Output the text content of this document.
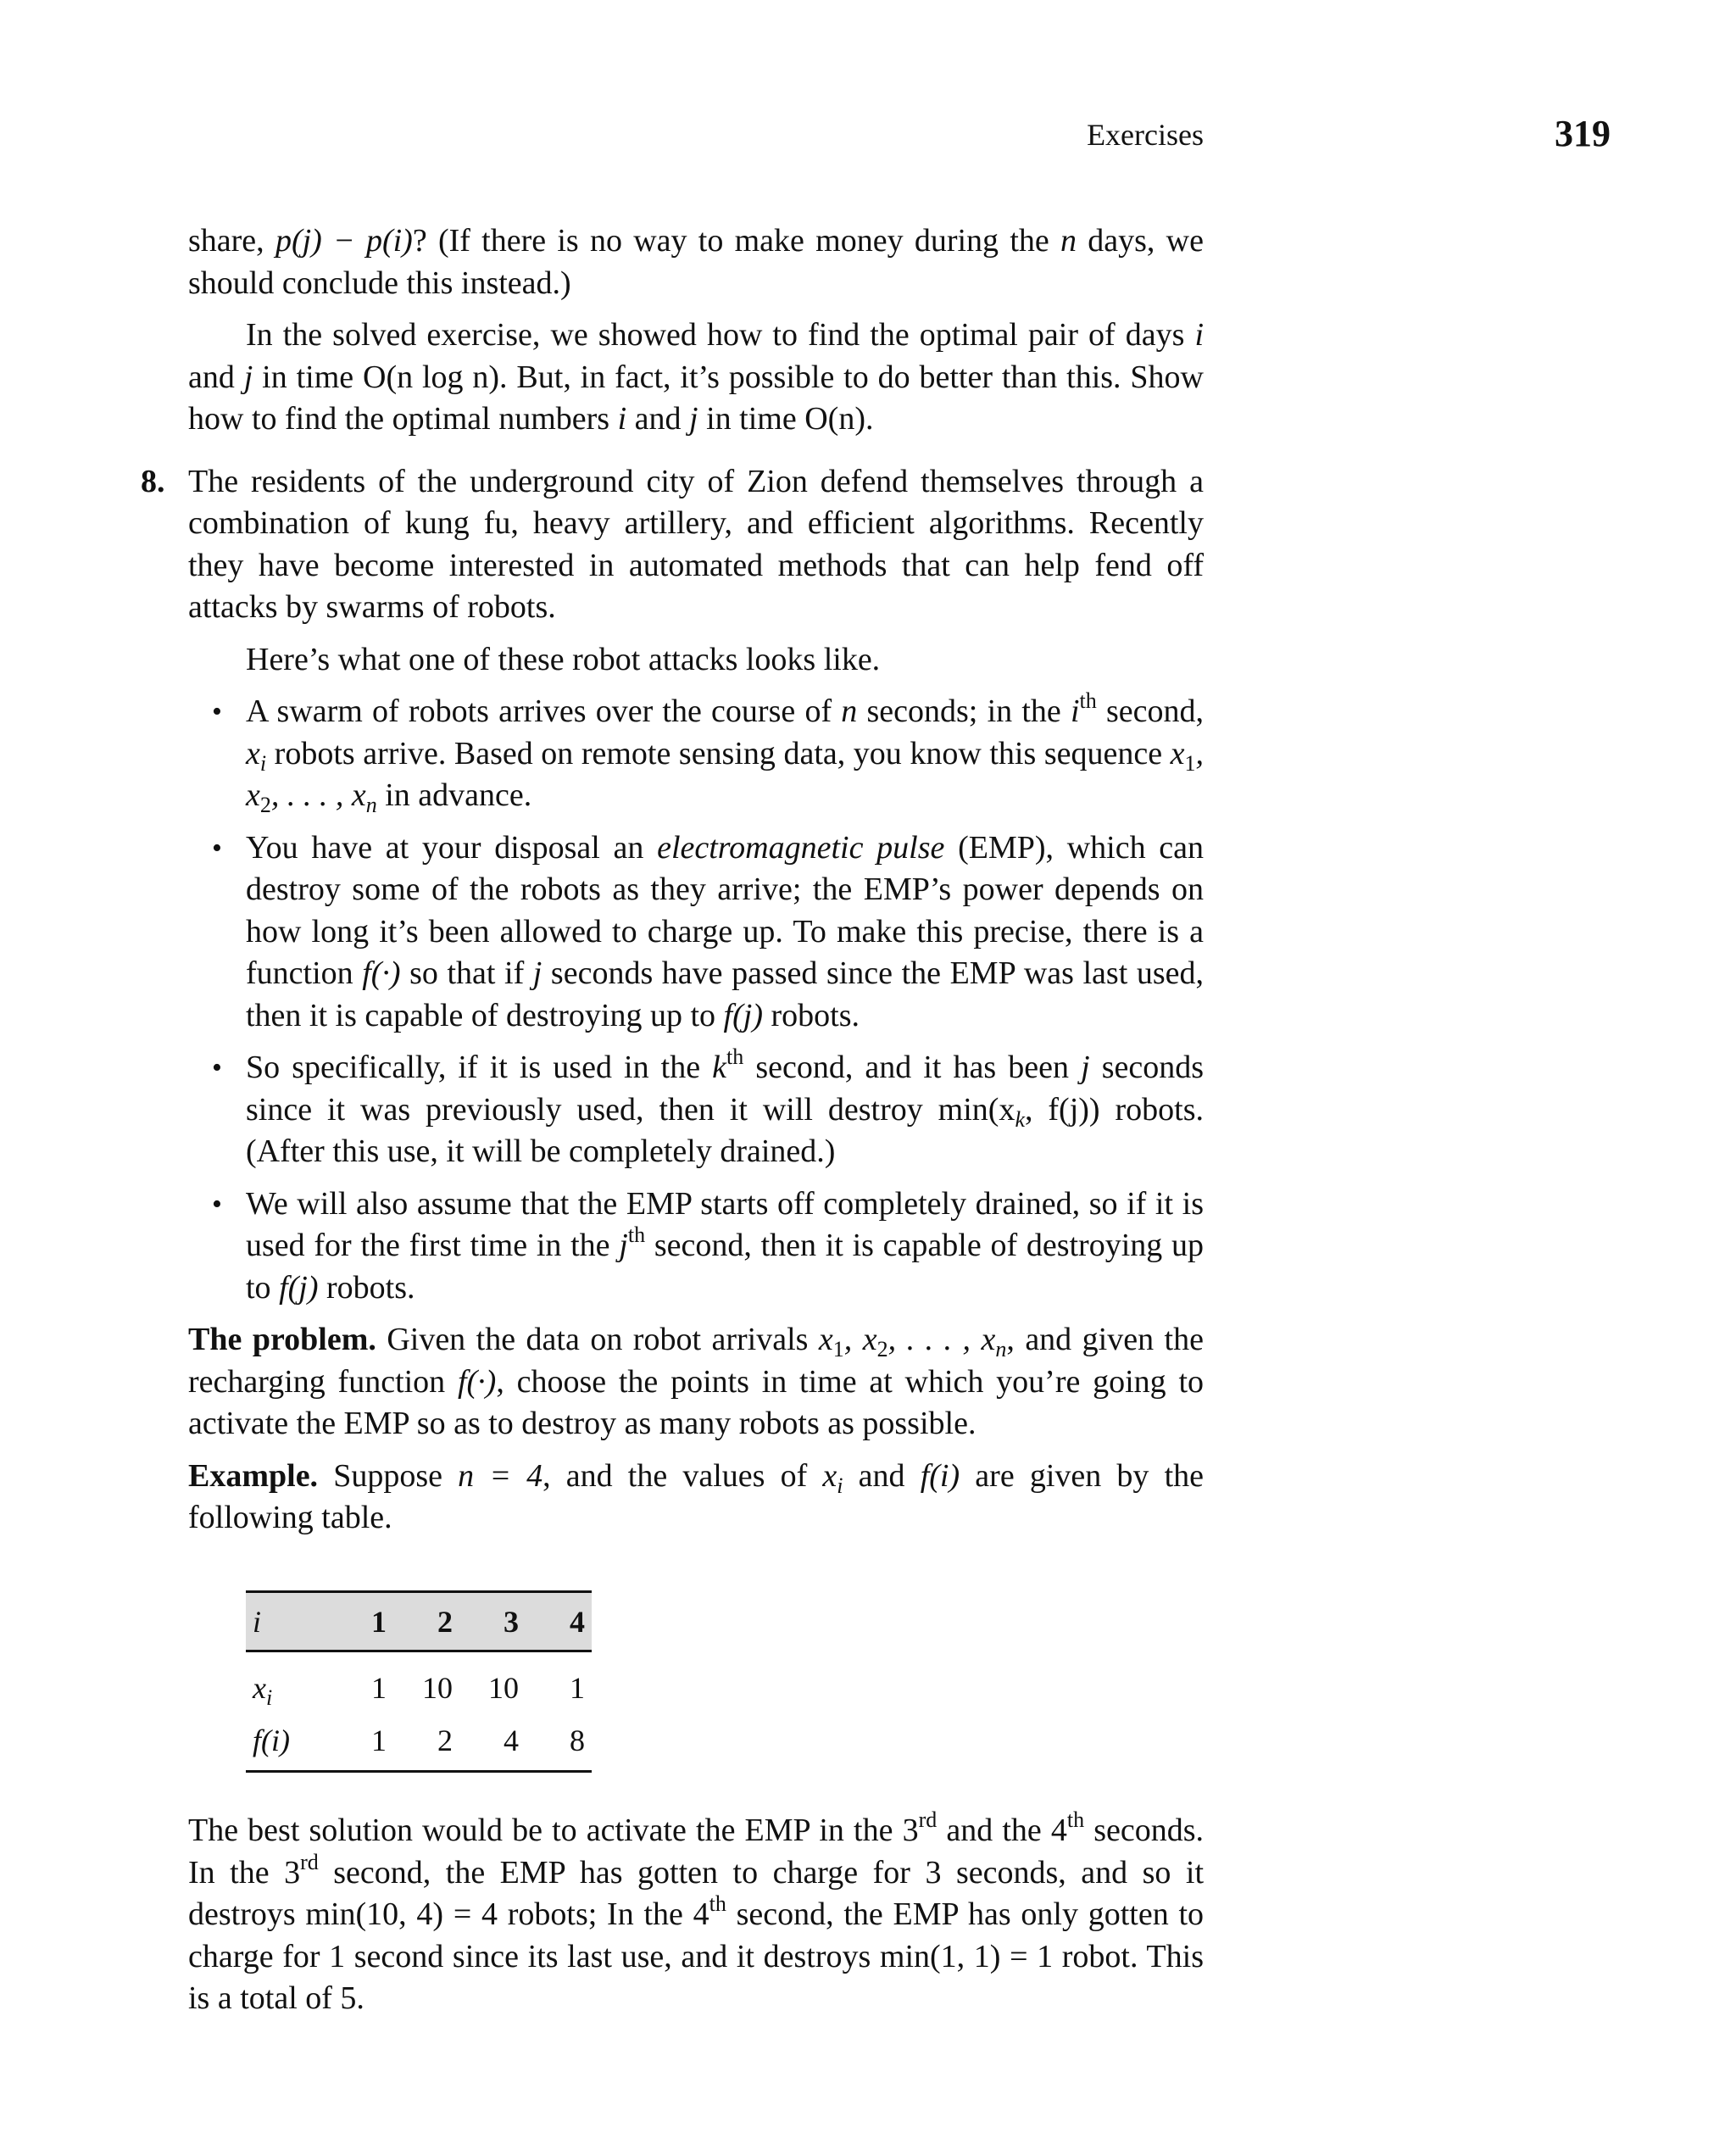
Exercises	319

share, p(j) − p(i)? (If there is no way to make money during the n days, we should conclude this instead.)

In the solved exercise, we showed how to find the optimal pair of days i and j in time O(n log n). But, in fact, it’s possible to do better than this. Show how to find the optimal numbers i and j in time O(n).

8. The residents of the underground city of Zion defend themselves through a combination of kung fu, heavy artillery, and efficient algorithms. Recently they have become interested in automated methods that can help fend off attacks by swarms of robots.

Here’s what one of these robot attacks looks like.

• A swarm of robots arrives over the course of n seconds; in the $i^{th}$ second, $x_i$ robots arrive. Based on remote sensing data, you know this sequence $x_1$, $x_2$, . . . , $x_n$ in advance.
• You have at your disposal an electromagnetic pulse (EMP), which can destroy some of the robots as they arrive; the EMP’s power depends on how long it’s been allowed to charge up. To make this precise, there is a function f(·) so that if j seconds have passed since the EMP was last used, then it is capable of destroying up to f(j) robots.
• So specifically, if it is used in the $k^{th}$ second, and it has been j seconds since it was previously used, then it will destroy $\min(x_k$, f(j)) robots. (After this use, it will be completely drained.)
• We will also assume that the EMP starts off completely drained, so if it is used for the first time in the $j^{th}$ second, then it is capable of destroying up to f(j) robots.

The problem. Given the data on robot arrivals $x_1$, $x_2$, . . . , $x_n$, and given the recharging function f(·), choose the points in time at which you’re going to activate the EMP so as to destroy as many robots as possible.

Example. Suppose n = 4, and the values of $x_i$ and f(i) are given by the following table.

i	1	2	3	4
$x_i$	1	10	10	1
f(i)	1	2	4	8

The best solution would be to activate the EMP in the 3rd and the 4th seconds. In the 3rd second, the EMP has gotten to charge for 3 seconds, and so it destroys min(10, 4) = 4 robots; In the 4th second, the EMP has only gotten to charge for 1 second since its last use, and it destroys min(1, 1) = 1 robot. This is a total of 5.
